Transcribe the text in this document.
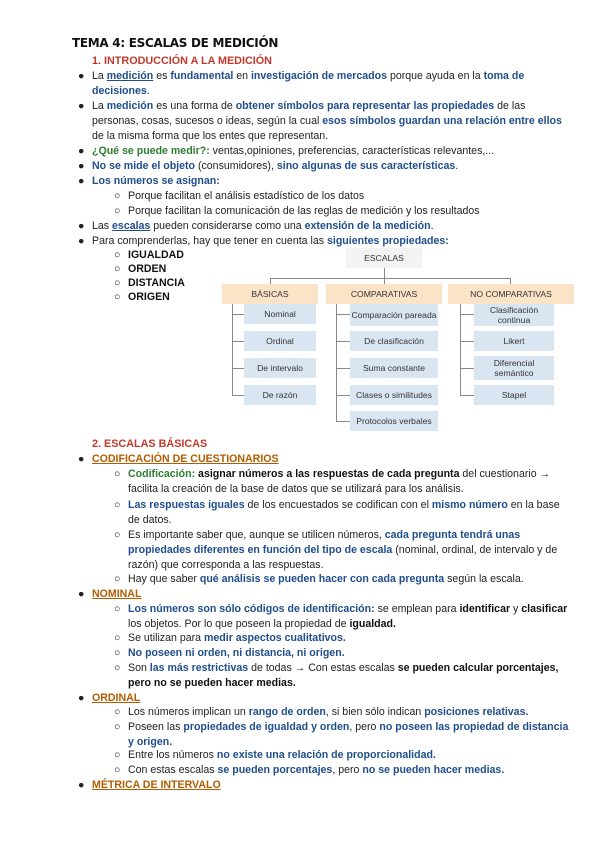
TEMA 4: ESCALAS DE MEDICIÓN
1. INTRODUCCIÓN A LA MEDICIÓN
● La medición es fundamental en investigación de mercados porque ayuda en la toma de decisiones.
● La medición es una forma de obtener símbolos para representar las propiedades de las personas, cosas, sucesos o ideas, según la cual esos símbolos guardan una relación entre ellos de la misma forma que los entes que representan.
● ¿Qué se puede medir?: ventas,opiniones, preferencias, características relevantes,...
● No se mide el objeto (consumidores), sino algunas de sus características.
● Los números se asignan:
○ Porque facilitan el análisis estadístico de los datos
○ Porque facilitan la comunicación de las reglas de medición y los resultados
● Las escalas pueden considerarse como una extensión de la medición.
● Para comprenderlas, hay que tener en cuenta las siguientes propiedades:
○ IGUALDAD
○ ORDEN
○ DISTANCIA
○ ORIGEN
ESCALAS
BÁSICAS	COMPARATIVAS	NO COMPARATIVAS
Nominal
Ordinal
De intervalo
De razón
Comparación pareada
De clasificación
Suma constante
Clases o similitudes
Protocolos verbales
Clasificación continua
Likert
Diferencial semántico
Stapel
2. ESCALAS BÁSICAS
● CODIFICACIÓN DE CUESTIONARIOS
○ Codificación: asignar números a las respuestas de cada pregunta del cuestionario → facilita la creación de la base de datos que se utilizará para los análisis.
○ Las respuestas iguales de los encuestados se codifican con el mismo número en la base de datos.
○ Es importante saber que, aunque se utilicen números, cada pregunta tendrá unas propiedades diferentes en función del tipo de escala (nominal, ordinal, de intervalo y de razón) que corresponda a las respuestas.
○ Hay que saber qué análisis se pueden hacer con cada pregunta según la escala.
● NOMINAL
○ Los números son sólo códigos de identificación: se emplean para identificar y clasificar los objetos. Por lo que poseen la propiedad de igualdad.
○ Se utilizan para medir aspectos cualitativos.
○ No poseen ni orden, ni distancia, ni origen.
○ Son las más restrictivas de todas → Con estas escalas se pueden calcular porcentajes, pero no se pueden hacer medias.
● ORDINAL
○ Los números implican un rango de orden, si bien sólo indican posiciones relativas.
○ Poseen las propiedades de igualdad y orden, pero no poseen las propiedad de distancia y origen.
○ Entre los números no existe una relación de proporcionalidad.
○ Con estas escalas se pueden porcentajes, pero no se pueden hacer medias.
● MÉTRICA DE INTERVALO
